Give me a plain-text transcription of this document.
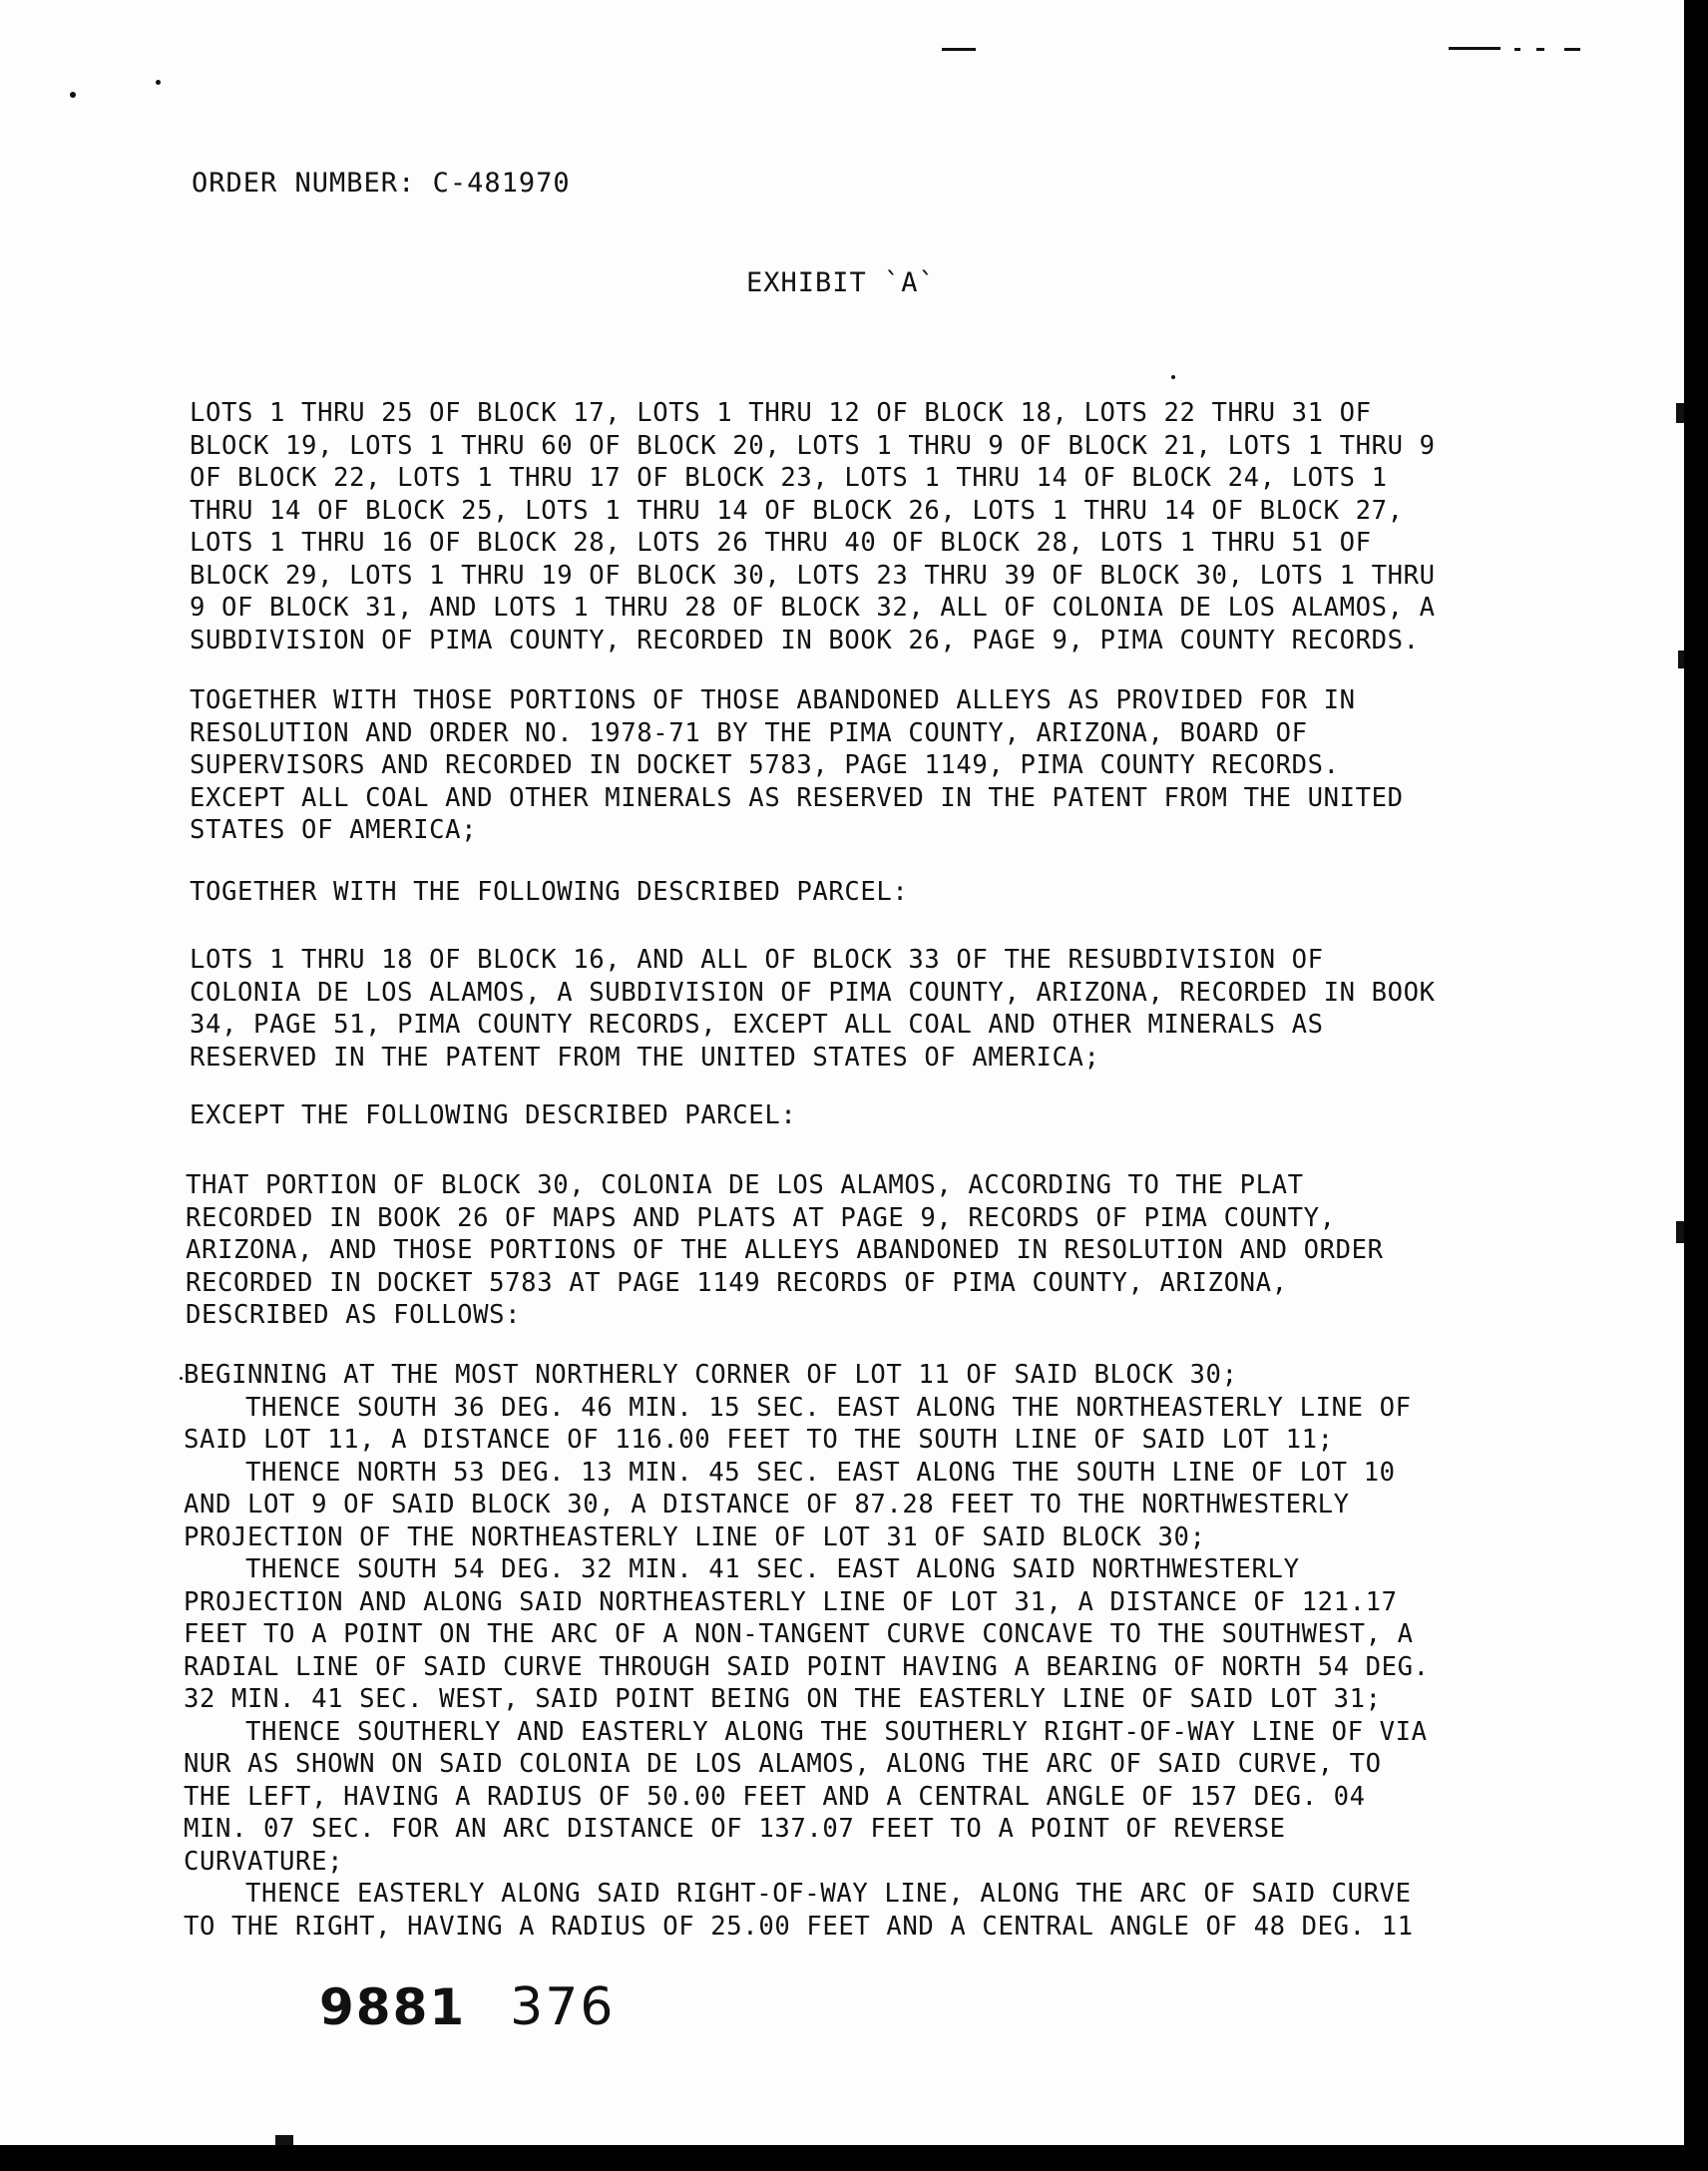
ORDER NUMBER: C-481970
EXHIBIT `A`
LOTS 1 THRU 25 OF BLOCK 17, LOTS 1 THRU 12 OF BLOCK 18, LOTS 22 THRU 31 OF
BLOCK 19, LOTS 1 THRU 60 OF BLOCK 20, LOTS 1 THRU 9 OF BLOCK 21, LOTS 1 THRU 9
OF BLOCK 22, LOTS 1 THRU 17 OF BLOCK 23, LOTS 1 THRU 14 OF BLOCK 24, LOTS 1
THRU 14 OF BLOCK 25, LOTS 1 THRU 14 OF BLOCK 26, LOTS 1 THRU 14 OF BLOCK 27,
LOTS 1 THRU 16 OF BLOCK 28, LOTS 26 THRU 40 OF BLOCK 28, LOTS 1 THRU 51 OF
BLOCK 29, LOTS 1 THRU 19 OF BLOCK 30, LOTS 23 THRU 39 OF BLOCK 30, LOTS 1 THRU
9 OF BLOCK 31, AND LOTS 1 THRU 28 OF BLOCK 32, ALL OF COLONIA DE LOS ALAMOS, A
SUBDIVISION OF PIMA COUNTY, RECORDED IN BOOK 26, PAGE 9, PIMA COUNTY RECORDS.
TOGETHER WITH THOSE PORTIONS OF THOSE ABANDONED ALLEYS AS PROVIDED FOR IN
RESOLUTION AND ORDER NO. 1978-71 BY THE PIMA COUNTY, ARIZONA, BOARD OF
SUPERVISORS AND RECORDED IN DOCKET 5783, PAGE 1149, PIMA COUNTY RECORDS.
EXCEPT ALL COAL AND OTHER MINERALS AS RESERVED IN THE PATENT FROM THE UNITED
STATES OF AMERICA;
TOGETHER WITH THE FOLLOWING DESCRIBED PARCEL:
LOTS 1 THRU 18 OF BLOCK 16, AND ALL OF BLOCK 33 OF THE RESUBDIVISION OF
COLONIA DE LOS ALAMOS, A SUBDIVISION OF PIMA COUNTY, ARIZONA, RECORDED IN BOOK
34, PAGE 51, PIMA COUNTY RECORDS, EXCEPT ALL COAL AND OTHER MINERALS AS
RESERVED IN THE PATENT FROM THE UNITED STATES OF AMERICA;
EXCEPT THE FOLLOWING DESCRIBED PARCEL:
THAT PORTION OF BLOCK 30, COLONIA DE LOS ALAMOS, ACCORDING TO THE PLAT
RECORDED IN BOOK 26 OF MAPS AND PLATS AT PAGE 9, RECORDS OF PIMA COUNTY,
ARIZONA, AND THOSE PORTIONS OF THE ALLEYS ABANDONED IN RESOLUTION AND ORDER
RECORDED IN DOCKET 5783 AT PAGE 1149 RECORDS OF PIMA COUNTY, ARIZONA,
DESCRIBED AS FOLLOWS:
BEGINNING AT THE MOST NORTHERLY CORNER OF LOT 11 OF SAID BLOCK 30;
THENCE SOUTH 36 DEG. 46 MIN. 15 SEC. EAST ALONG THE NORTHEASTERLY LINE OF
SAID LOT 11, A DISTANCE OF 116.00 FEET TO THE SOUTH LINE OF SAID LOT 11;
THENCE NORTH 53 DEG. 13 MIN. 45 SEC. EAST ALONG THE SOUTH LINE OF LOT 10
AND LOT 9 OF SAID BLOCK 30, A DISTANCE OF 87.28 FEET TO THE NORTHWESTERLY
PROJECTION OF THE NORTHEASTERLY LINE OF LOT 31 OF SAID BLOCK 30;
THENCE SOUTH 54 DEG. 32 MIN. 41 SEC. EAST ALONG SAID NORTHWESTERLY
PROJECTION AND ALONG SAID NORTHEASTERLY LINE OF LOT 31, A DISTANCE OF 121.17
FEET TO A POINT ON THE ARC OF A NON-TANGENT CURVE CONCAVE TO THE SOUTHWEST, A
RADIAL LINE OF SAID CURVE THROUGH SAID POINT HAVING A BEARING OF NORTH 54 DEG.
32 MIN. 41 SEC. WEST, SAID POINT BEING ON THE EASTERLY LINE OF SAID LOT 31;
THENCE SOUTHERLY AND EASTERLY ALONG THE SOUTHERLY RIGHT-OF-WAY LINE OF VIA
NUR AS SHOWN ON SAID COLONIA DE LOS ALAMOS, ALONG THE ARC OF SAID CURVE, TO
THE LEFT, HAVING A RADIUS OF 50.00 FEET AND A CENTRAL ANGLE OF 157 DEG. 04
MIN. 07 SEC. FOR AN ARC DISTANCE OF 137.07 FEET TO A POINT OF REVERSE
CURVATURE;
THENCE EASTERLY ALONG SAID RIGHT-OF-WAY LINE, ALONG THE ARC OF SAID CURVE
TO THE RIGHT, HAVING A RADIUS OF 25.00 FEET AND A CENTRAL ANGLE OF 48 DEG. 11
9881 376
